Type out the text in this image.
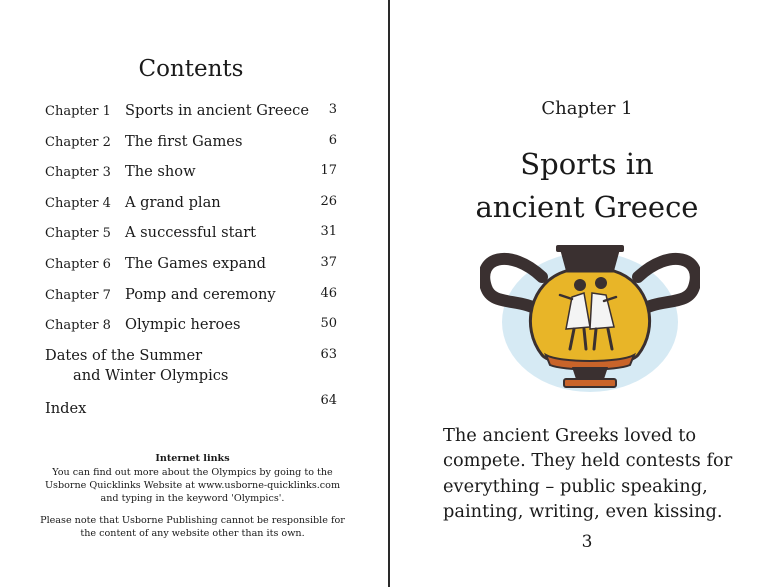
Contents
Chapter 1 Sports in ancient Greece 3
Chapter 2 The first Games	6
Chapter 3 The show	17
Chapter 4 A grand plan	26
Chapter 5 A successful start	31
Chapter 6 The Games expand	37
Chapter 7 Pomp and ceremony	46
Chapter 8 Olympic heroes	50
Dates of the Summer
and Winter Olympics
63
Index	64
Internet links
You can find out more about the Olympics by going to the Usborne Quicklinks Website at www.usborne-quicklinks.com and typing in the keyword 'Olympics'.
Please note that Usborne Publishing cannot be responsible for the content of any website other than its own.
Chapter 1
Sports in
ancient Greece
The ancient Greeks loved to compete. They held contests for everything – public speaking, painting, writing, even kissing.
3
